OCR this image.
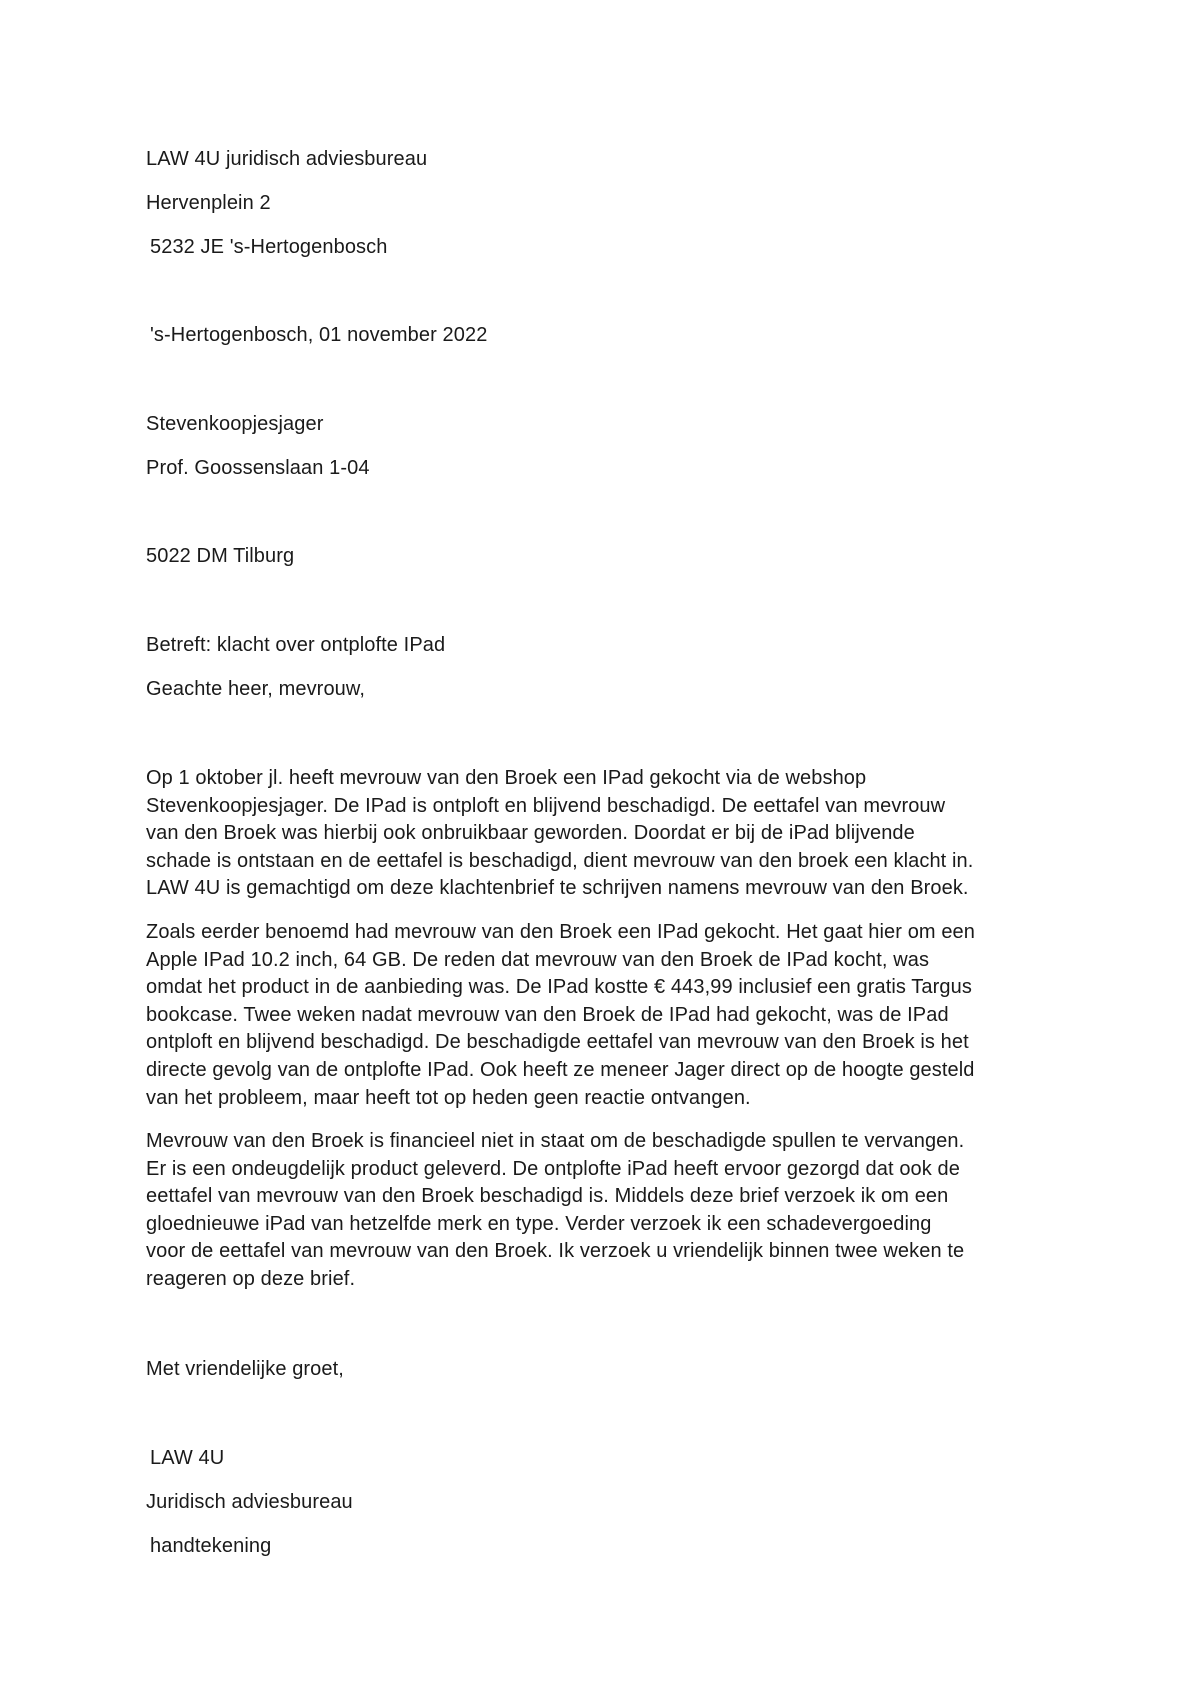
LAW 4U juridisch adviesbureau
Hervenplein 2
5232 JE 's-Hertogenbosch
's-Hertogenbosch, 01 november 2022
Stevenkoopjesjager
Prof. Goossenslaan 1-04
5022 DM Tilburg
Betreft: klacht over ontplofte IPad
Geachte heer, mevrouw,
Op 1 oktober jl. heeft mevrouw van den Broek een IPad gekocht via de webshop
Stevenkoopjesjager. De IPad is ontploft en blijvend beschadigd. De eettafel van mevrouw
van den Broek was hierbij ook onbruikbaar geworden. Doordat er bij de iPad blijvende
schade is ontstaan en de eettafel is beschadigd, dient mevrouw van den broek een klacht in.
LAW 4U is gemachtigd om deze klachtenbrief te schrijven namens mevrouw van den Broek.
Zoals eerder benoemd had mevrouw van den Broek een IPad gekocht. Het gaat hier om een
Apple IPad 10.2 inch, 64 GB. De reden dat mevrouw van den Broek de IPad kocht, was
omdat het product in de aanbieding was. De IPad kostte € 443,99 inclusief een gratis Targus
bookcase. Twee weken nadat mevrouw van den Broek de IPad had gekocht, was de IPad
ontploft en blijvend beschadigd. De beschadigde eettafel van mevrouw van den Broek is het
directe gevolg van de ontplofte IPad. Ook heeft ze meneer Jager direct op de hoogte gesteld
van het probleem, maar heeft tot op heden geen reactie ontvangen.
Mevrouw van den Broek is financieel niet in staat om de beschadigde spullen te vervangen.
Er is een ondeugdelijk product geleverd. De ontplofte iPad heeft ervoor gezorgd dat ook de
eettafel van mevrouw van den Broek beschadigd is. Middels deze brief verzoek ik om een
gloednieuwe iPad van hetzelfde merk en type. Verder verzoek ik een schadevergoeding
voor de eettafel van mevrouw van den Broek. Ik verzoek u vriendelijk binnen twee weken te
reageren op deze brief.
Met vriendelijke groet,
LAW 4U
Juridisch adviesbureau
handtekening
